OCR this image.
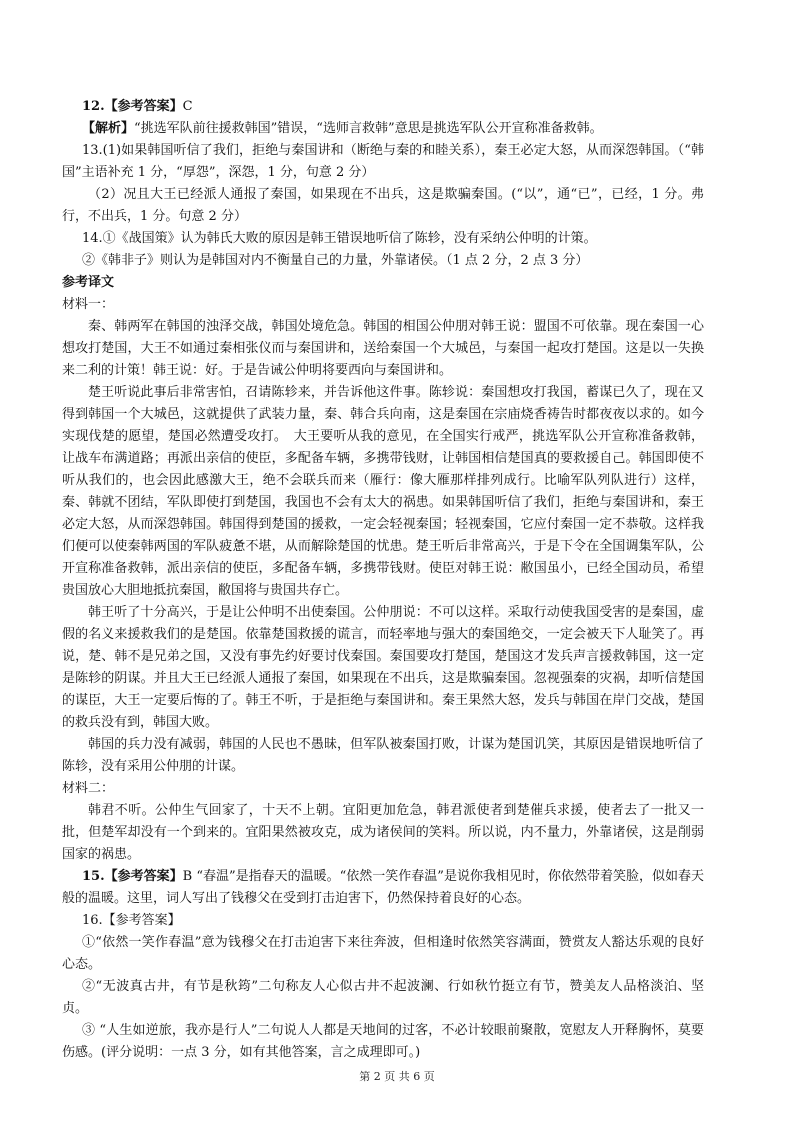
12.【参考答案】C

【解析】“挑选军队前往援救韩国”错误，“选师言救韩”意思是挑选军队公开宣称准备救韩。

13.(1)如果韩国听信了我们，拒绝与秦国讲和（断绝与秦的和睦关系），秦王必定大怒，从而深怨韩国。（“韩国”主语补充 1 分，“厚怨”，深怨，1 分，句意 2 分）

（2）况且大王已经派人通报了秦国，如果现在不出兵，这是欺骗秦国。(“以”，通“已”，已经，1 分。弗行，不出兵，1 分。句意 2 分）

14.①《战国策》认为韩氏大败的原因是韩王错误地听信了陈轸，没有采纳公仲明的计策。

②《韩非子》则认为是韩国对内不衡量自己的力量，外靠诸侯。（1 点 2 分，2 点 3 分）

参考译文

材料一：

秦、韩两军在韩国的浊泽交战，韩国处境危急。韩国的相国公仲朋对韩王说：盟国不可依靠。现在秦国一心想攻打楚国，大王不如通过秦相张仪而与秦国讲和，送给秦国一个大城邑，与秦国一起攻打楚国。这是以一失换来二利的计策！韩王说：好。于是告诫公仲明将要西向与秦国讲和。

楚王听说此事后非常害怕，召请陈轸来，并告诉他这件事。陈轸说：秦国想攻打我国，蓄谋已久了，现在又得到韩国一个大城邑，这就提供了武装力量，秦、韩合兵向南，这是秦国在宗庙烧香祷告时都夜夜以求的。如今实现伐楚的愿望，楚国必然遭受攻打。　大王要听从我的意见，在全国实行戒严，挑选军队公开宣称准备救韩，让战车布满道路；再派出亲信的使臣，多配备车辆，多携带钱财，让韩国相信楚国真的要救援自己。韩国即使不听从我们的，也会因此感激大王，绝不会联兵而来（雁行：像大雁那样排列成行。比喻军队列队进行）这样，秦、韩就不团结，军队即使打到楚国，我国也不会有太大的祸患。如果韩国听信了我们，拒绝与秦国讲和，秦王必定大怒，从而深怨韩国。韩国得到楚国的援救，一定会轻视秦国；轻视秦国，它应付秦国一定不恭敬。这样我们便可以使秦韩两国的军队疲惫不堪，从而解除楚国的忧患。楚王听后非常高兴，于是下令在全国调集军队，公开宣称准备救韩，派出亲信的使臣，多配备车辆，多携带钱财。使臣对韩王说：敝国虽小，已经全国动员，希望贵国放心大胆地抵抗秦国，敝国将与贵国共存亡。

韩王听了十分高兴，于是让公仲明不出使秦国。公仲朋说：不可以这样。采取行动使我国受害的是秦国，虚假的名义来援救我们的是楚国。依靠楚国救援的谎言，而轻率地与强大的秦国绝交，一定会被天下人耻笑了。再说，楚、韩不是兄弟之国，又没有事先约好要讨伐秦国。秦国要攻打楚国，楚国这才发兵声言援救韩国，这一定是陈轸的阴谋。并且大王已经派人通报了秦国，如果现在不出兵，这是欺骗秦国。忽视强秦的灾祸，却听信楚国的谋臣，大王一定要后悔的了。韩王不听，于是拒绝与秦国讲和。秦王果然大怒，发兵与韩国在岸门交战，楚国的救兵没有到，韩国大败。

韩国的兵力没有减弱，韩国的人民也不愚昧，但军队被秦国打败，计谋为楚国讥笑，其原因是错误地听信了陈轸，没有采用公仲朋的计谋。

材料二：

韩君不听。公仲生气回家了，十天不上朝。宜阳更加危急，韩君派使者到楚催兵求援，使者去了一批又一批，但楚军却没有一个到来的。宜阳果然被攻克，成为诸侯间的笑料。所以说，内不量力，外靠诸侯，这是削弱国家的祸患。

15.【参考答案】B “春温”是指春天的温暖。“依然一笑作春温”是说你我相见时，你依然带着笑脸，似如春天般的温暖。这里，词人写出了钱穆父在受到打击迫害下，仍然保持着良好的心态。

16.【参考答案】

①“依然一笑作春温”意为钱穆父在打击迫害下来往奔波，但相逢时依然笑容满面，赞赏友人豁达乐观的良好心态。

②“无波真古井，有节是秋筠”二句称友人心似古井不起波澜、行如秋竹挺立有节，赞美友人品格淡泊、坚贞。

③ “人生如逆旅，我亦是行人”二句说人人都是天地间的过客，不必计较眼前聚散，宽慰友人开释胸怀，莫要伤感。(评分说明：一点 3 分，如有其他答案，言之成理即可。)

第 2 页 共 6 页
